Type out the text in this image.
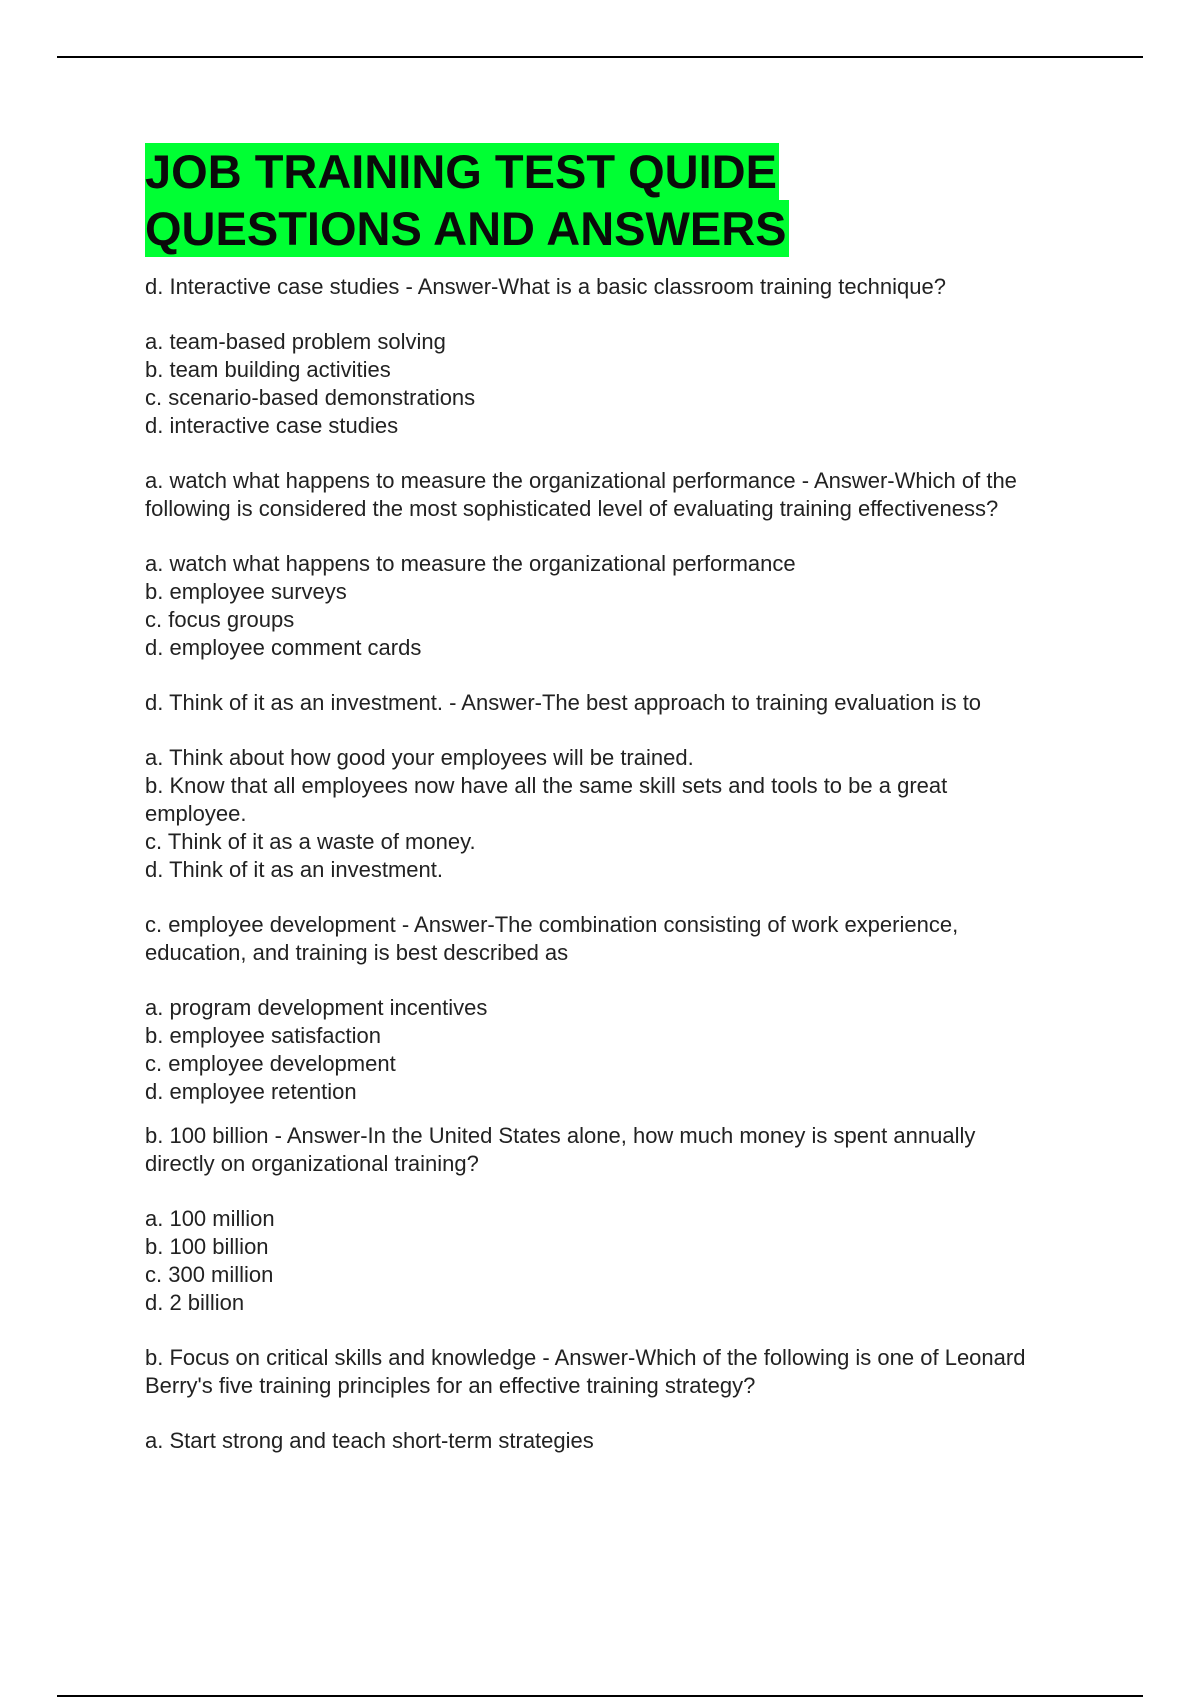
JOB TRAINING TEST QUIDE
QUESTIONS AND ANSWERS

d. Interactive case studies - Answer-What is a basic classroom training technique?

a. team-based problem solving
b. team building activities
c. scenario-based demonstrations
d. interactive case studies

a. watch what happens to measure the organizational performance - Answer-Which of the following is considered the most sophisticated level of evaluating training effectiveness?

a. watch what happens to measure the organizational performance
b. employee surveys
c. focus groups
d. employee comment cards

d. Think of it as an investment. - Answer-The best approach to training evaluation is to

a. Think about how good your employees will be trained.
b. Know that all employees now have all the same skill sets and tools to be a great employee.
c. Think of it as a waste of money.
d. Think of it as an investment.

c. employee development - Answer-The combination consisting of work experience, education, and training is best described as

a. program development incentives
b. employee satisfaction
c. employee development
d. employee retention

b. 100 billion - Answer-In the United States alone, how much money is spent annually directly on organizational training?

a. 100 million
b. 100 billion
c. 300 million
d. 2 billion

b. Focus on critical skills and knowledge - Answer-Which of the following is one of Leonard Berry's five training principles for an effective training strategy?

a. Start strong and teach short-term strategies
